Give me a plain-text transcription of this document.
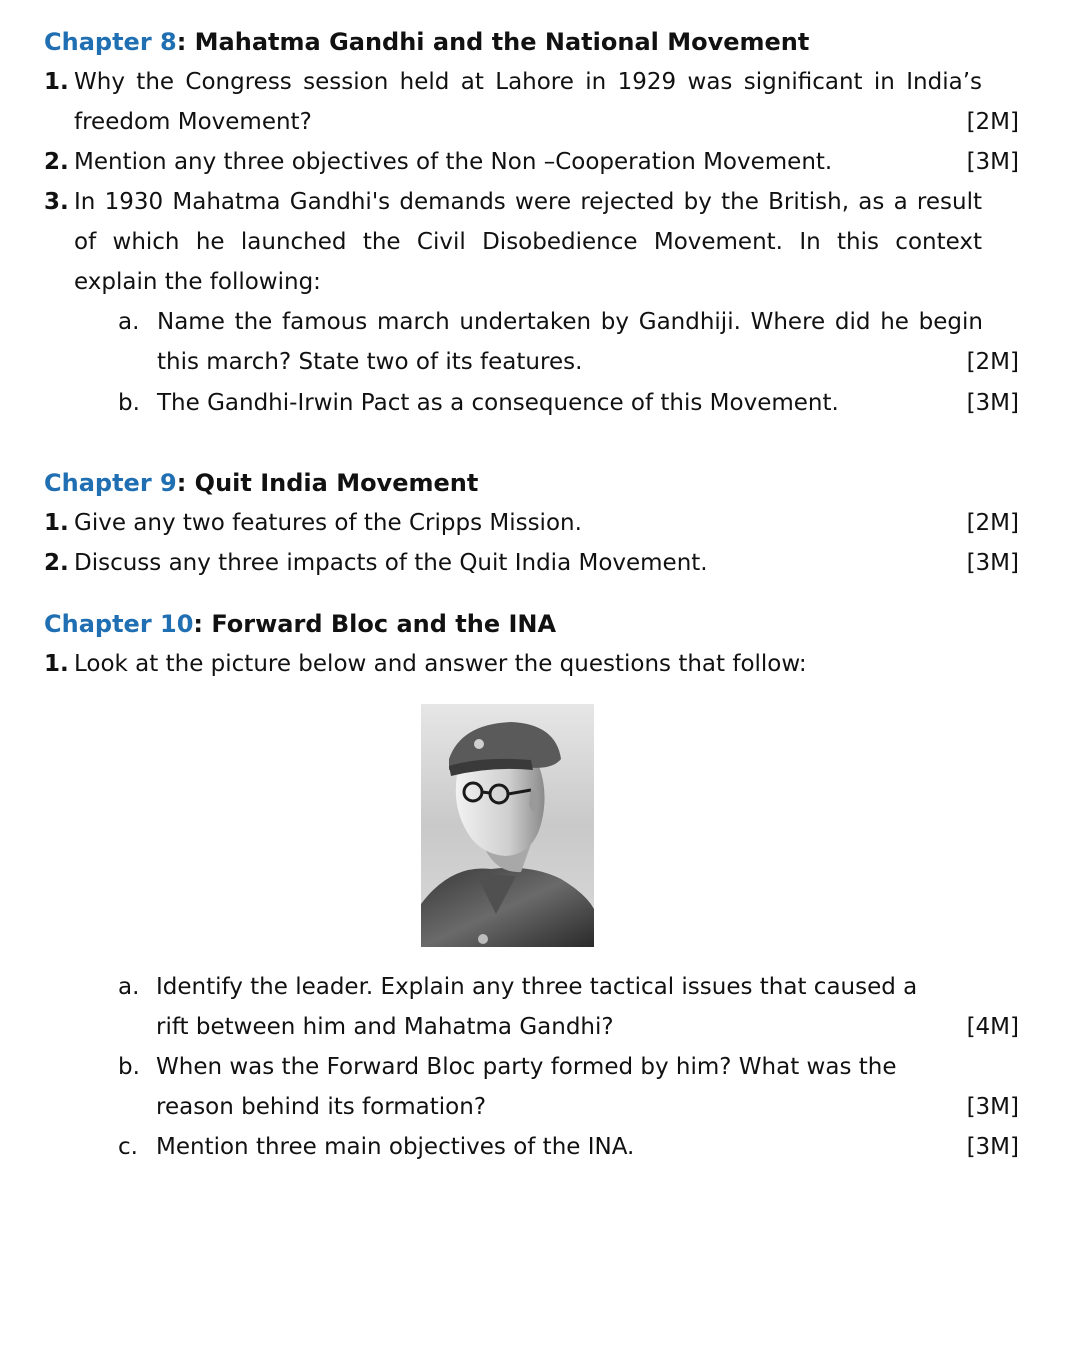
Chapter 8: Mahatma Gandhi and the National Movement
1. Why the Congress session held at Lahore in 1929 was significant in India’s
freedom Movement?	[2M]
2. Mention any three objectives of the Non –Cooperation Movement.	[3M]
3. In 1930 Mahatma Gandhi's demands were rejected by the British, as a result
of which he launched the Civil Disobedience Movement. In this context
explain the following:
a. Name the famous march undertaken by Gandhiji. Where did he begin
this march? State two of its features.	[2M]
b. The Gandhi-Irwin Pact as a consequence of this Movement.	[3M]
Chapter 9: Quit India Movement
1. Give any two features of the Cripps Mission.	[2M]
2. Discuss any three impacts of the Quit India Movement.	[3M]
Chapter 10: Forward Bloc and the INA
1. Look at the picture below and answer the questions that follow:
a. Identify the leader. Explain any three tactical issues that caused a
rift between him and Mahatma Gandhi?	[4M]
b. When was the Forward Bloc party formed by him? What was the
reason behind its formation?	[3M]
c. Mention three main objectives of the INA.	[3M]
